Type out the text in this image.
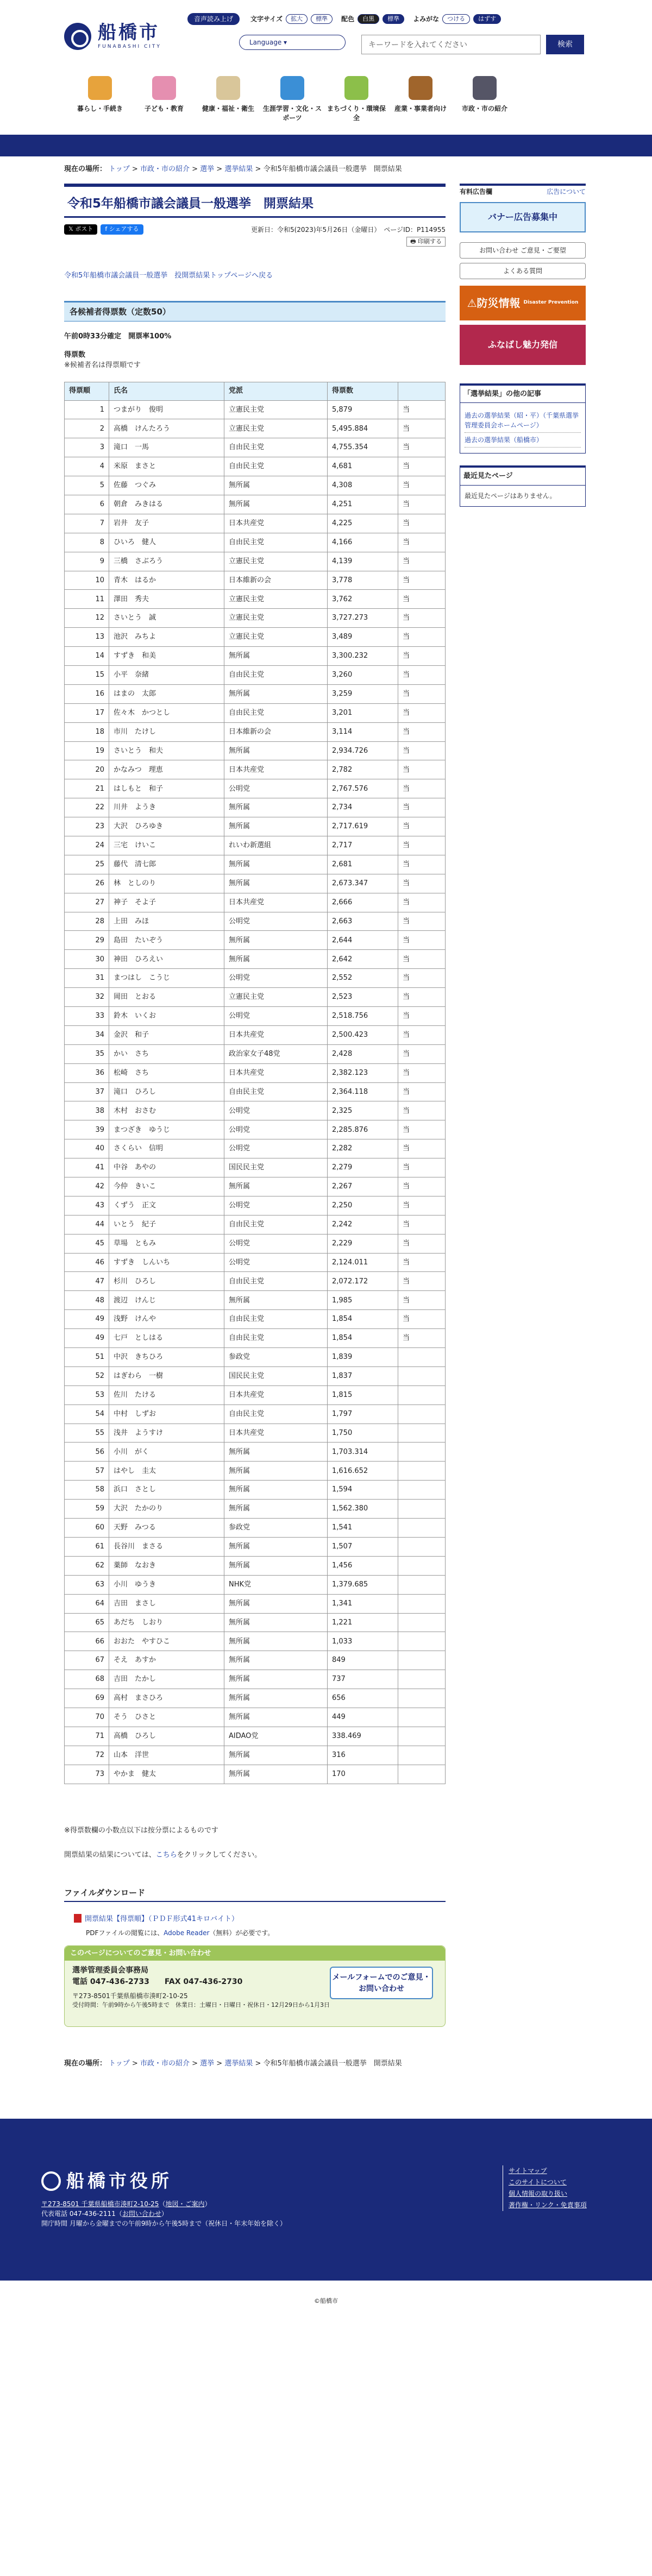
船橋市
FUNABASHI CITY
音声読み上げ	文字サイズ	拡大	標準	配色	白黒	標準	よみがな	つける	はずす
Language ▾	キーワードを入れてください	検索
暮らし・手続き	子ども・教育	健康・福祉・衛生	生涯学習・文化・スポーツ
まちづくり・環境保全
産業・事業者向け	市政・市の紹介
現在の場所： トップ > 市政・市の紹介 > 選挙 > 選挙結果 > 令和5年船橋市議会議員一般選挙　開票結果
令和5年船橋市議会議員一般選挙　開票結果
𝕏 ポスト	f シェアする	更新日：令和5(2023)年5月26日（金曜日）　ページID：P114955
🖶 印刷する
令和5年船橋市議会議員一般選挙　投開票結果トップページへ戻る
各候補者得票数（定数50）
午前0時33分確定　開票率100%
得票数
※候補者名は得票順です
得票順	氏名	党派	得票数	
1	つまがり　俊明	立憲民主党	5,879	当
2	高橋　けんたろう	立憲民主党	5,495.884	当
3	滝口　一馬	自由民主党	4,755.354	当
4	米原　まさと	自由民主党	4,681	当
5	佐藤　つぐみ	無所属	4,308	当
6	朝倉　みきはる	無所属	4,251	当
7	岩井　友子	日本共産党	4,225	当
8	ひいろ　健人	自由民主党	4,166	当
9	三橋　さぶろう	立憲民主党	4,139	当
10	青木　はるか	日本維新の会	3,778	当
11	澤田　秀夫	立憲民主党	3,762	当
12	さいとう　誠	立憲民主党	3,727.273	当
13	池沢　みちよ	立憲民主党	3,489	当
14	すずき　和美	無所属	3,300.232	当
15	小平　奈緒	自由民主党	3,260	当
16	はまの　太郎	無所属	3,259	当
17	佐々木　かつとし	自由民主党	3,201	当
18	市川　たけし	日本維新の会	3,114	当
19	さいとう　和夫	無所属	2,934.726	当
20	かなみつ　理恵	日本共産党	2,782	当
21	はしもと　和子	公明党	2,767.576	当
22	川井　ようき	無所属	2,734	当
23	大沢　ひろゆき	無所属	2,717.619	当
24	三宅　けいこ	れいわ新選組	2,717	当
25	藤代　清七郎	無所属	2,681	当
26	林　としのり	無所属	2,673.347	当
27	神子　そよ子	日本共産党	2,666	当
28	上田　みほ	公明党	2,663	当
29	島田　たいぞう	無所属	2,644	当
30	神田　ひろえい	無所属	2,642	当
31	まつはし　こうじ	公明党	2,552	当
32	岡田　とおる	立憲民主党	2,523	当
33	鈴木　いくお	公明党	2,518.756	当
34	金沢　和子	日本共産党	2,500.423	当
35	かい　さち	政治家女子48党	2,428	当
36	松崎　さち	日本共産党	2,382.123	当
37	滝口　ひろし	自由民主党	2,364.118	当
38	木村　おさむ	公明党	2,325	当
39	まつざき　ゆうじ	公明党	2,285.876	当
40	さくらい　信明	公明党	2,282	当
41	中谷　あやの	国民民主党	2,279	当
42	今仲　きいこ	無所属	2,267	当
43	くずう　正文	公明党	2,250	当
44	いとう　紀子	自由民主党	2,242	当
45	草場　ともみ	公明党	2,229	当
46	すずき　しんいち	公明党	2,124.011	当
47	杉川　ひろし	自由民主党	2,072.172	当
48	渡辺　けんじ	無所属	1,985	当
49	浅野　けんや	自由民主党	1,854	当
49	七戸　としはる	自由民主党	1,854	当
51	中沢　きちひろ	参政党	1,839	
52	はぎわら　一樹	国民民主党	1,837	
53	佐川　たける	日本共産党	1,815	
54	中村　しずお	自由民主党	1,797	
55	浅井　ようすけ	日本共産党	1,750	
56	小川　がく	無所属	1,703.314	
57	はやし　圭太	無所属	1,616.652	
58	浜口　さとし	無所属	1,594	
59	大沢　たかのり	無所属	1,562.380	
60	天野　みつる	参政党	1,541	
61	長谷川　まさる	無所属	1,507	
62	薬師　なおき	無所属	1,456	
63	小川　ゆうき	NHK党	1,379.685	
64	吉田　まさし	無所属	1,341	
65	あだち　しおり	無所属	1,221	
66	おおた　やすひこ	無所属	1,033	
67	そえ　あすか	無所属	849	
68	吉田　たかし	無所属	737	
69	高村　まさひろ	無所属	656	
70	そう　ひさと	無所属	449	
71	高橋　ひろし	AIDAO党	338.469	
72	山本　洋世	無所属	316	
73	やかま　健太	無所属	170	
※得票数欄の小数点以下は按分票によるものです
開票結果の結果については、こちらをクリックしてください。
ファイルダウンロード
開票結果【得票順】（ＰＤＦ形式41キロバイト）
PDFファイルの閲覧には、Adobe Reader（無料）が必要です。
このページについてのご意見・お問い合わせ
選挙管理委員会事務局
電話 047-436-2733　　FAX 047-436-2730
〒273-8501千葉県船橋市湊町2-10-25
受付時間：午前9時から午後5時まで　休業日：土曜日・日曜日・祝休日・12月29日から1月3日
メールフォームでのご意見・お問い合わせ
有料広告欄	広告について
バナー広告募集中
お問い合わせ ご意見・ご要望
よくある質問
⚠ 防災情報 Disaster Prevention
ふなばし魅力発信
「選挙結果」の他の記事
過去の選挙結果（昭・平）（千葉県選挙管理委員会ホームページ）
過去の選挙結果（船橋市）
最近見たページ
最近見たページはありません。
現在の場所： トップ > 市政・市の紹介 > 選挙 > 選挙結果 > 令和5年船橋市議会議員一般選挙　開票結果
船橋市役所
〒273-8501 千葉県船橋市湊町2-10-25（地図・ご案内）
代表電話 047-436-2111（お問い合わせ）
開庁時間 月曜から金曜までの午前9時から午後5時まで（祝休日・年末年始を除く）
サイトマップ
このサイトについて
個人情報の取り扱い
著作権・リンク・免責事項
©船橋市
